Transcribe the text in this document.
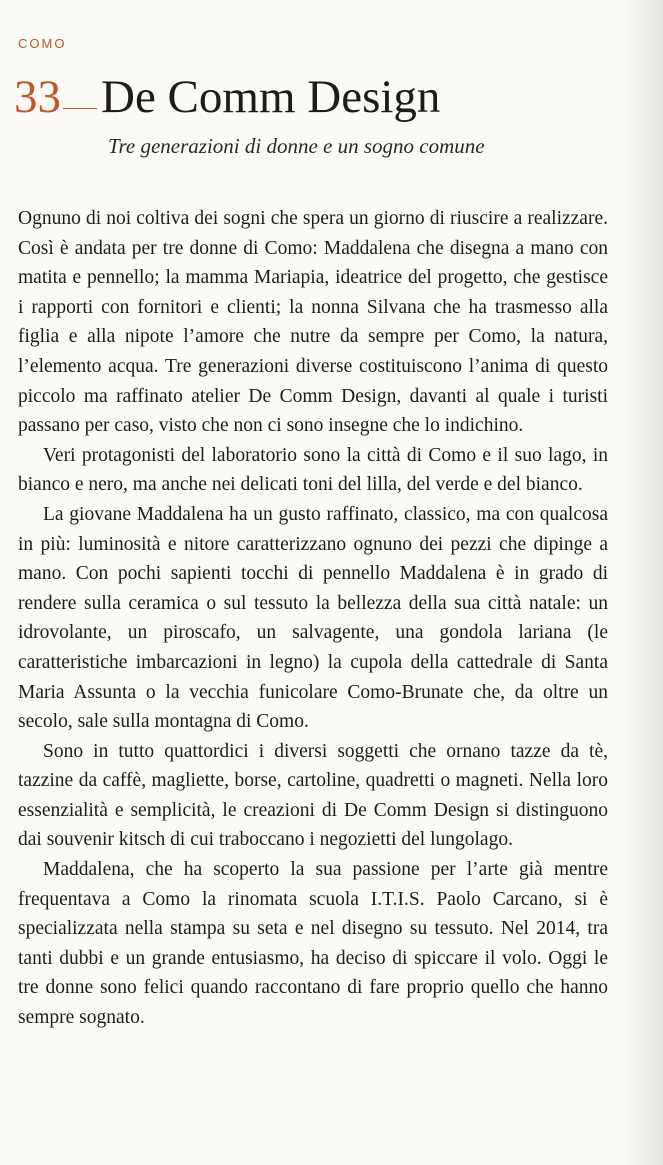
COMO

33 De Comm Design

Tre generazioni di donne e un sogno comune

Ognuno di noi coltiva dei sogni che spera un giorno di riuscire a realizzare. Così è andata per tre donne di Como: Maddalena che disegna a mano con matita e pennello; la mamma Mariapia, ideatrice del progetto, che gestisce i rapporti con fornitori e clienti; la nonna Silvana che ha trasmesso alla figlia e alla nipote l’amore che nutre da sempre per Como, la natura, l’elemento acqua. Tre generazioni diverse costituiscono l’anima di questo piccolo ma raffinato atelier De Comm Design, davanti al quale i turisti passano per caso, visto che non ci sono insegne che lo indichino.

Veri protagonisti del laboratorio sono la città di Como e il suo lago, in bianco e nero, ma anche nei delicati toni del lilla, del verde e del bianco.

La giovane Maddalena ha un gusto raffinato, classico, ma con qualcosa in più: luminosità e nitore caratterizzano ognuno dei pezzi che dipinge a mano. Con pochi sapienti tocchi di pennello Maddalena è in grado di rendere sulla ceramica o sul tessuto la bellezza della sua città natale: un idrovolante, un piroscafo, un salvagente, una gondola lariana (le caratteristiche imbarcazioni in legno) la cupola della cattedrale di Santa Maria Assunta o la vecchia funicolare Como-Brunate che, da oltre un secolo, sale sulla montagna di Como.

Sono in tutto quattordici i diversi soggetti che ornano tazze da tè, tazzine da caffè, magliette, borse, cartoline, quadretti o magneti. Nella loro essenzialità e semplicità, le creazioni di De Comm Design si distinguono dai souvenir kitsch di cui traboccano i negozietti del lungolago.

Maddalena, che ha scoperto la sua passione per l’arte già mentre frequentava a Como la rinomata scuola I.T.I.S. Paolo Carcano, si è specializzata nella stampa su seta e nel disegno su tessuto. Nel 2014, tra tanti dubbi e un grande entusiasmo, ha deciso di spiccare il volo. Oggi le tre donne sono felici quando raccontano di fare proprio quello che hanno sempre sognato.
